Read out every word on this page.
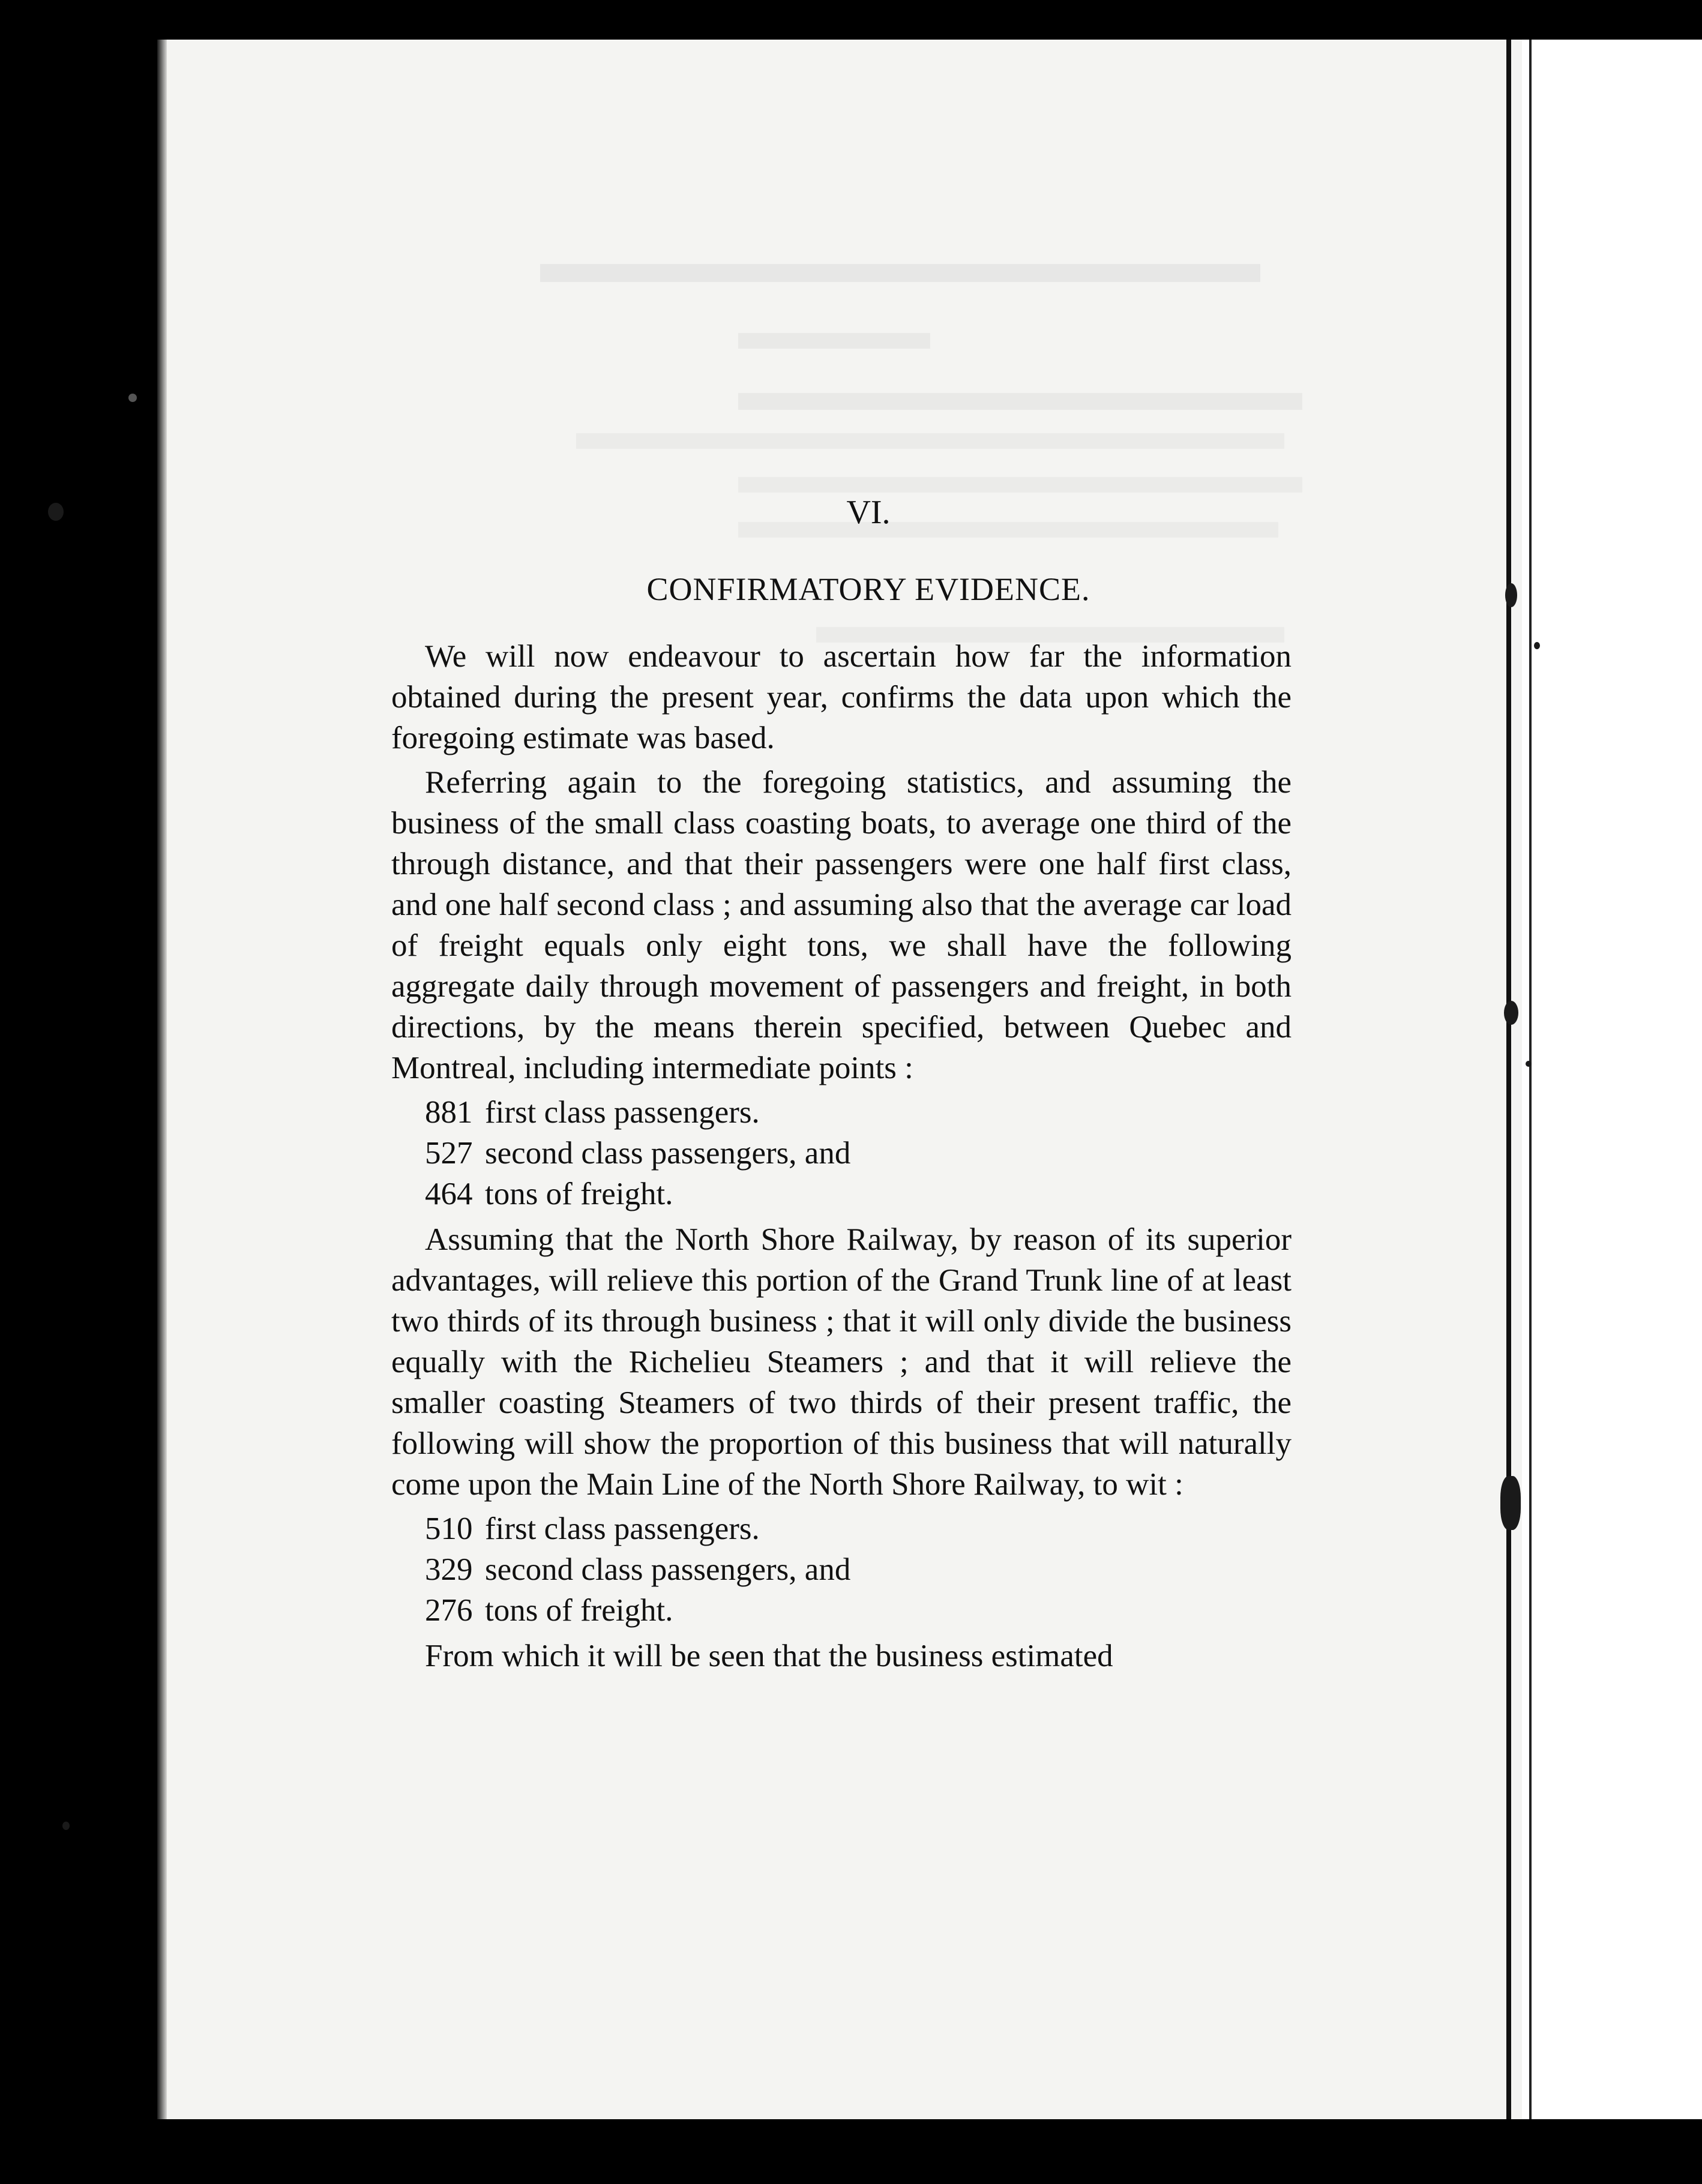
VI.
CONFIRMATORY EVIDENCE.

We will now endeavour to ascertain how far the information obtained during the present year, confirms the data upon which the foregoing estimate was based.

Referring again to the foregoing statistics, and assuming the business of the small class coasting boats, to average one third of the through distance, and that their passengers were one half first class, and one half second class ; and assuming also that the average car load of freight equals only eight tons, we shall have the following aggregate daily through movement of passengers and freight, in both directions, by the means therein specified, between Quebec and Montreal, including intermediate points :

881 first class passengers.
527 second class passengers, and
464 tons of freight.

Assuming that the North Shore Railway, by reason of its superior advantages, will relieve this portion of the Grand Trunk line of at least two thirds of its through business ; that it will only divide the business equally with the Richelieu Steamers ; and that it will relieve the smaller coasting Steamers of two thirds of their present traffic, the following will show the proportion of this business that will naturally come upon the Main Line of the North Shore Railway, to wit :

510 first class passengers.
329 second class passengers, and
276 tons of freight.

From which it will be seen that the business estimated
